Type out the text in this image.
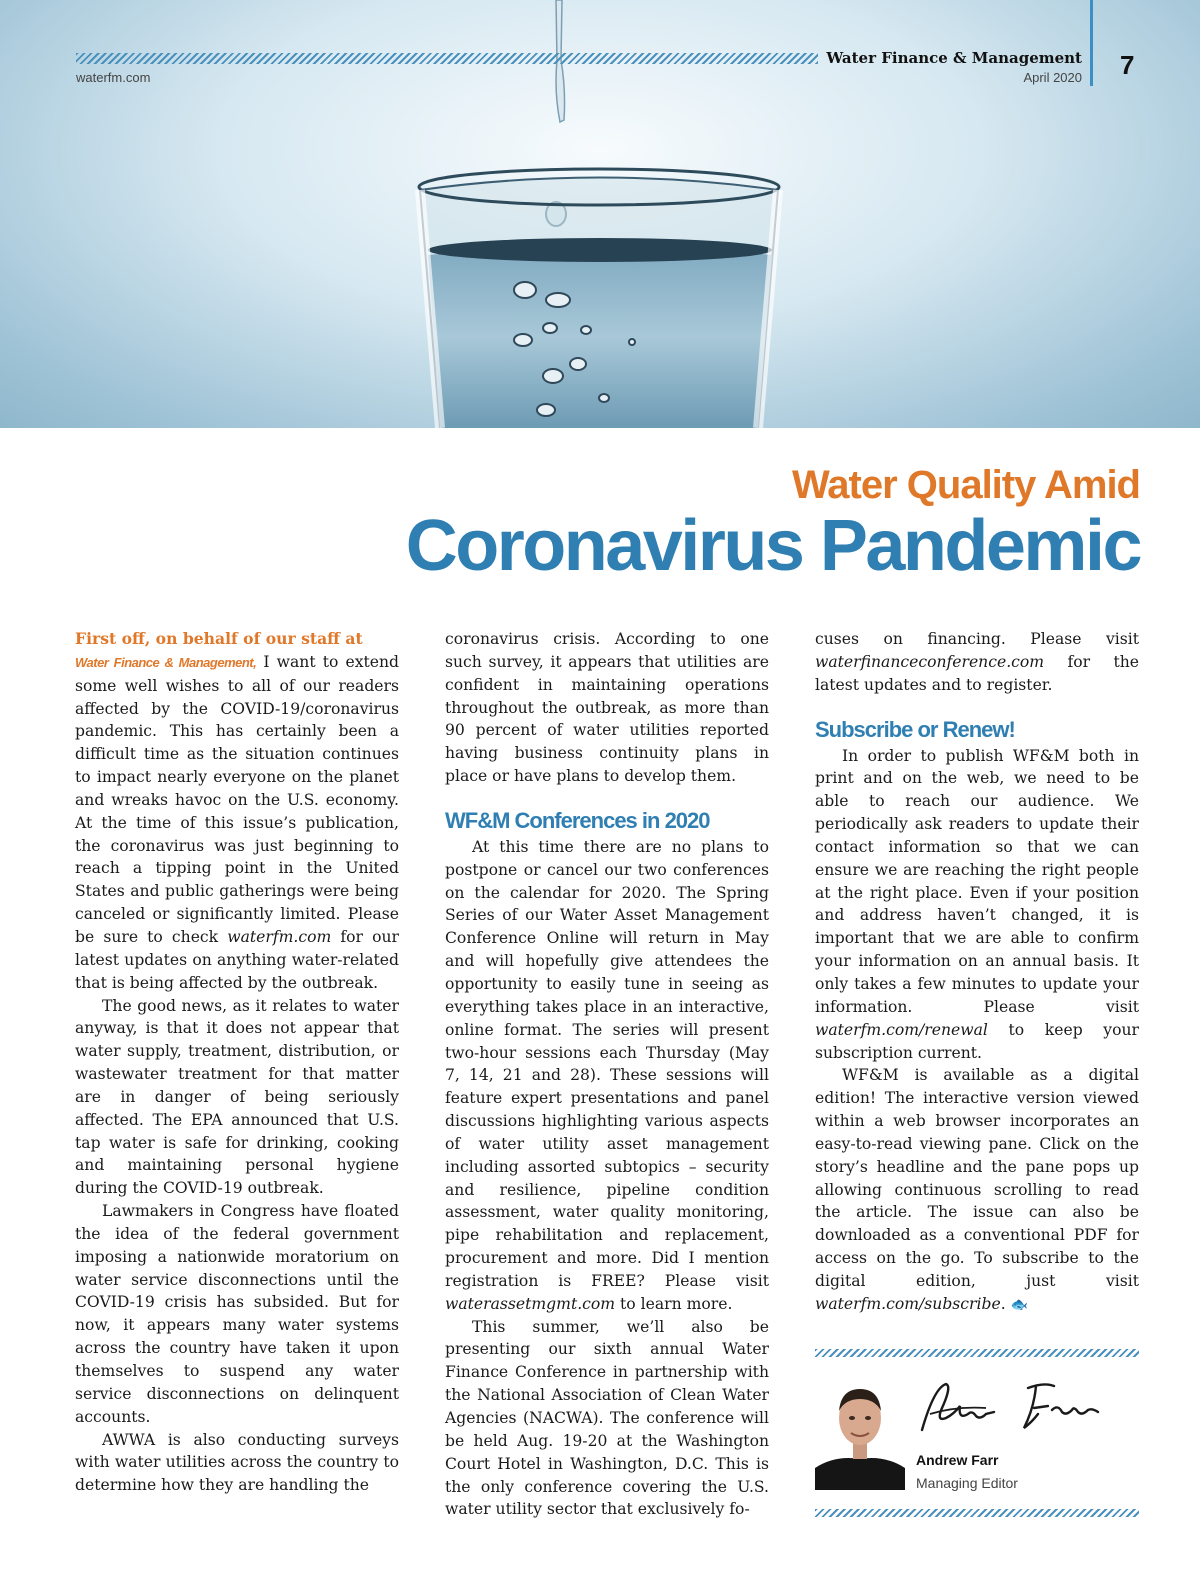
Water Finance & Management
April 2020
waterfm.com	7
Water Quality Amid
Coronavirus Pandemic

First off, on behalf of our staff at
Water Finance & Management, I want to extend some well wishes to all of our readers affected by the COVID-19/coronavirus pandemic. This has certainly been a difficult time as the situation continues to impact nearly everyone on the planet and wreaks havoc on the U.S. economy. At the time of this issue’s publication, the coronavirus was just beginning to reach a tipping point in the United States and public gatherings were being canceled or significantly limited. Please be sure to check waterfm.com for our latest updates on anything water-related that is being affected by the outbreak.

The good news, as it relates to water anyway, is that it does not appear that water supply, treatment, distribution, or wastewater treatment for that matter are in danger of being seriously affected. The EPA announced that U.S. tap water is safe for drinking, cooking and maintaining personal hygiene during the COVID-19 outbreak.

Lawmakers in Congress have floated the idea of the federal government imposing a nationwide moratorium on water service disconnections until the COVID-19 crisis has subsided. But for now, it appears many water systems across the country have taken it upon themselves to suspend any water service disconnections on delinquent accounts.

AWWA is also conducting surveys with water utilities across the country to determine how they are handling the

coronavirus crisis. According to one such survey, it appears that utilities are confident in maintaining operations throughout the outbreak, as more than 90 percent of water utilities reported having business continuity plans in place or have plans to develop them.

WF&M Conferences in 2020

At this time there are no plans to postpone or cancel our two conferences on the calendar for 2020. The Spring Series of our Water Asset Management Conference Online will return in May and will hopefully give attendees the opportunity to easily tune in seeing as everything takes place in an interactive, online format. The series will present two-hour sessions each Thursday (May 7, 14, 21 and 28). These sessions will feature expert presentations and panel discussions highlighting various aspects of water utility asset management including assorted subtopics – security and resilience, pipeline condition assessment, water quality monitoring, pipe rehabilitation and replacement, procurement and more. Did I mention registration is FREE? Please visit waterassetmgmt.com to learn more.

This summer, we’ll also be presenting our sixth annual Water Finance Conference in partnership with the National Association of Clean Water Agencies (NACWA). The conference will be held Aug. 19-20 at the Washington Court Hotel in Washington, D.C. This is the only conference covering the U.S. water utility sector that exclusively fo-

cuses on financing. Please visit waterfinanceconference.com for the latest updates and to register.

Subscribe or Renew!

In order to publish WF&M both in print and on the web, we need to be able to reach our audience. We periodically ask readers to update their contact information so that we can ensure we are reaching the right people at the right place. Even if your position and address haven’t changed, it is important that we are able to confirm your information on an annual basis. It only takes a few minutes to update your information. Please visit waterfm.com/renewal to keep your subscription current.

WF&M is available as a digital edition! The interactive version viewed within a web browser incorporates an easy-to-read viewing pane. Click on the story’s headline and the pane pops up allowing continuous scrolling to read the article. The issue can also be downloaded as a conventional PDF for access on the go. To subscribe to the digital edition, just visit waterfm.com/subscribe. 🐟

Andrew Farr
Managing Editor
